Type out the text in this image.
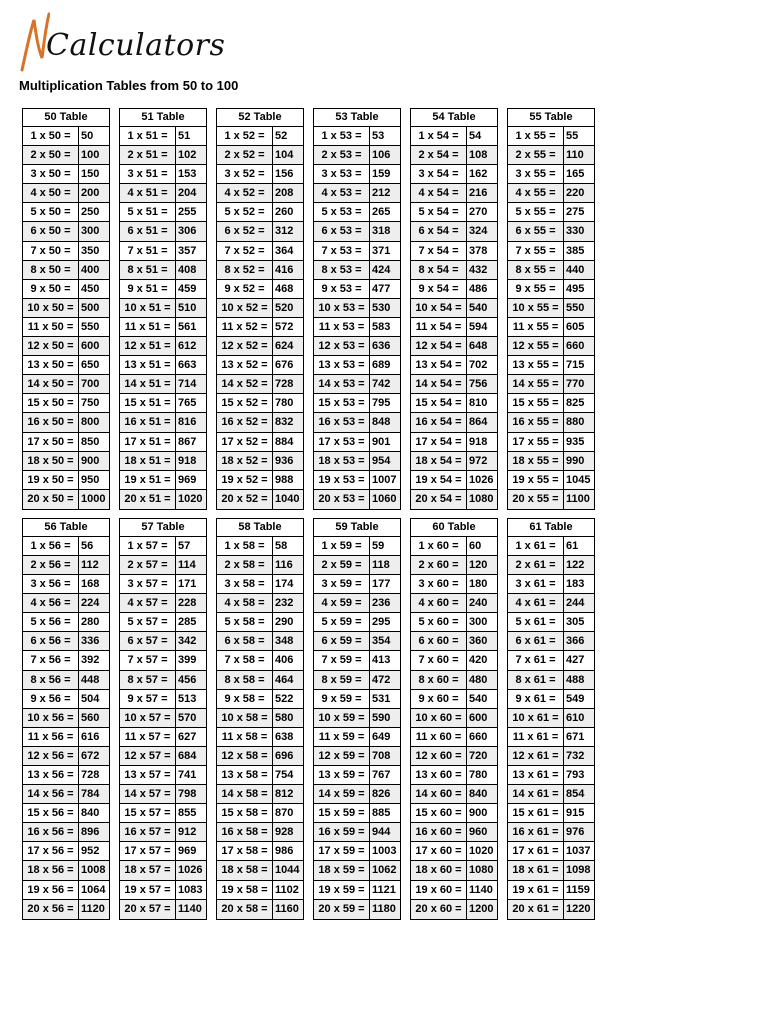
Calculators
Multiplication Tables from 50 to 100
50 Table
1 x 50 = 50
2 x 50 = 100
3 x 50 = 150
4 x 50 = 200
5 x 50 = 250
6 x 50 = 300
7 x 50 = 350
8 x 50 = 400
9 x 50 = 450
10 x 50 = 500
11 x 50 = 550
12 x 50 = 600
13 x 50 = 650
14 x 50 = 700
15 x 50 = 750
16 x 50 = 800
17 x 50 = 850
18 x 50 = 900
19 x 50 = 950
20 x 50 = 1000
51 Table
1 x 51 = 51
2 x 51 = 102
3 x 51 = 153
4 x 51 = 204
5 x 51 = 255
6 x 51 = 306
7 x 51 = 357
8 x 51 = 408
9 x 51 = 459
10 x 51 = 510
11 x 51 = 561
12 x 51 = 612
13 x 51 = 663
14 x 51 = 714
15 x 51 = 765
16 x 51 = 816
17 x 51 = 867
18 x 51 = 918
19 x 51 = 969
20 x 51 = 1020
52 Table
1 x 52 = 52
2 x 52 = 104
3 x 52 = 156
4 x 52 = 208
5 x 52 = 260
6 x 52 = 312
7 x 52 = 364
8 x 52 = 416
9 x 52 = 468
10 x 52 = 520
11 x 52 = 572
12 x 52 = 624
13 x 52 = 676
14 x 52 = 728
15 x 52 = 780
16 x 52 = 832
17 x 52 = 884
18 x 52 = 936
19 x 52 = 988
20 x 52 = 1040
53 Table
1 x 53 = 53
2 x 53 = 106
3 x 53 = 159
4 x 53 = 212
5 x 53 = 265
6 x 53 = 318
7 x 53 = 371
8 x 53 = 424
9 x 53 = 477
10 x 53 = 530
11 x 53 = 583
12 x 53 = 636
13 x 53 = 689
14 x 53 = 742
15 x 53 = 795
16 x 53 = 848
17 x 53 = 901
18 x 53 = 954
19 x 53 = 1007
20 x 53 = 1060
54 Table
1 x 54 = 54
2 x 54 = 108
3 x 54 = 162
4 x 54 = 216
5 x 54 = 270
6 x 54 = 324
7 x 54 = 378
8 x 54 = 432
9 x 54 = 486
10 x 54 = 540
11 x 54 = 594
12 x 54 = 648
13 x 54 = 702
14 x 54 = 756
15 x 54 = 810
16 x 54 = 864
17 x 54 = 918
18 x 54 = 972
19 x 54 = 1026
20 x 54 = 1080
55 Table
1 x 55 = 55
2 x 55 = 110
3 x 55 = 165
4 x 55 = 220
5 x 55 = 275
6 x 55 = 330
7 x 55 = 385
8 x 55 = 440
9 x 55 = 495
10 x 55 = 550
11 x 55 = 605
12 x 55 = 660
13 x 55 = 715
14 x 55 = 770
15 x 55 = 825
16 x 55 = 880
17 x 55 = 935
18 x 55 = 990
19 x 55 = 1045
20 x 55 = 1100
56 Table
1 x 56 = 56
2 x 56 = 112
3 x 56 = 168
4 x 56 = 224
5 x 56 = 280
6 x 56 = 336
7 x 56 = 392
8 x 56 = 448
9 x 56 = 504
10 x 56 = 560
11 x 56 = 616
12 x 56 = 672
13 x 56 = 728
14 x 56 = 784
15 x 56 = 840
16 x 56 = 896
17 x 56 = 952
18 x 56 = 1008
19 x 56 = 1064
20 x 56 = 1120
57 Table
1 x 57 = 57
2 x 57 = 114
3 x 57 = 171
4 x 57 = 228
5 x 57 = 285
6 x 57 = 342
7 x 57 = 399
8 x 57 = 456
9 x 57 = 513
10 x 57 = 570
11 x 57 = 627
12 x 57 = 684
13 x 57 = 741
14 x 57 = 798
15 x 57 = 855
16 x 57 = 912
17 x 57 = 969
18 x 57 = 1026
19 x 57 = 1083
20 x 57 = 1140
58 Table
1 x 58 = 58
2 x 58 = 116
3 x 58 = 174
4 x 58 = 232
5 x 58 = 290
6 x 58 = 348
7 x 58 = 406
8 x 58 = 464
9 x 58 = 522
10 x 58 = 580
11 x 58 = 638
12 x 58 = 696
13 x 58 = 754
14 x 58 = 812
15 x 58 = 870
16 x 58 = 928
17 x 58 = 986
18 x 58 = 1044
19 x 58 = 1102
20 x 58 = 1160
59 Table
1 x 59 = 59
2 x 59 = 118
3 x 59 = 177
4 x 59 = 236
5 x 59 = 295
6 x 59 = 354
7 x 59 = 413
8 x 59 = 472
9 x 59 = 531
10 x 59 = 590
11 x 59 = 649
12 x 59 = 708
13 x 59 = 767
14 x 59 = 826
15 x 59 = 885
16 x 59 = 944
17 x 59 = 1003
18 x 59 = 1062
19 x 59 = 1121
20 x 59 = 1180
60 Table
1 x 60 = 60
2 x 60 = 120
3 x 60 = 180
4 x 60 = 240
5 x 60 = 300
6 x 60 = 360
7 x 60 = 420
8 x 60 = 480
9 x 60 = 540
10 x 60 = 600
11 x 60 = 660
12 x 60 = 720
13 x 60 = 780
14 x 60 = 840
15 x 60 = 900
16 x 60 = 960
17 x 60 = 1020
18 x 60 = 1080
19 x 60 = 1140
20 x 60 = 1200
61 Table
1 x 61 = 61
2 x 61 = 122
3 x 61 = 183
4 x 61 = 244
5 x 61 = 305
6 x 61 = 366
7 x 61 = 427
8 x 61 = 488
9 x 61 = 549
10 x 61 = 610
11 x 61 = 671
12 x 61 = 732
13 x 61 = 793
14 x 61 = 854
15 x 61 = 915
16 x 61 = 976
17 x 61 = 1037
18 x 61 = 1098
19 x 61 = 1159
20 x 61 = 1220
